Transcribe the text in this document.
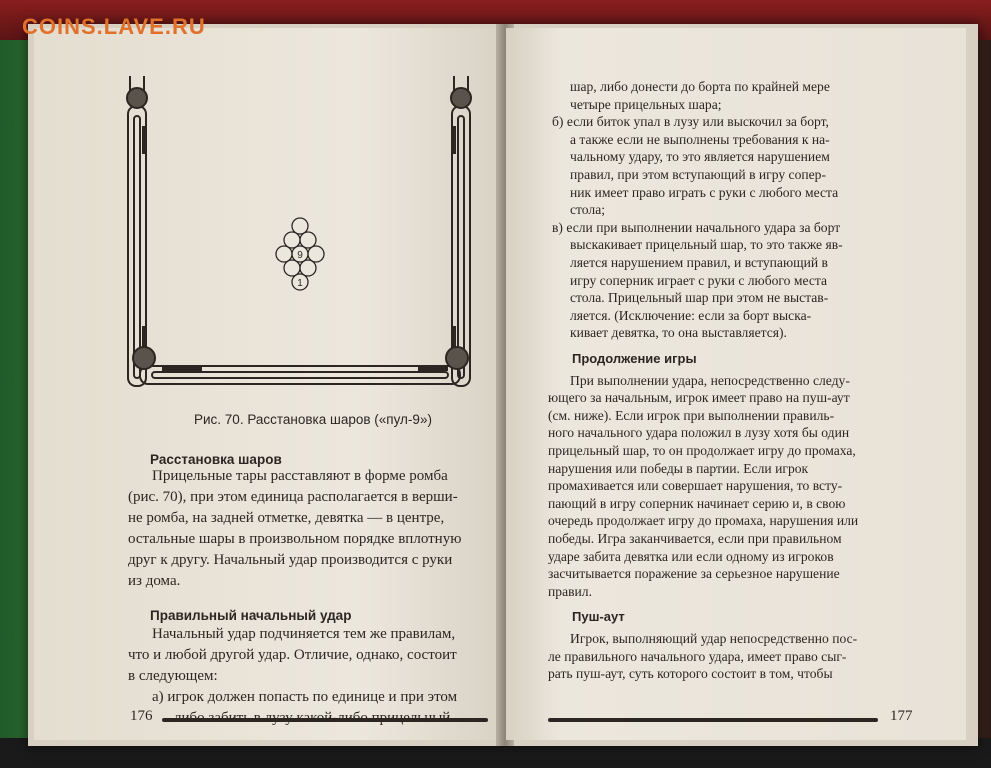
9
1
Рис. 70. Расстановка шаров («пул-9»)
Расстановка шаров
Прицельные тары расставляют в форме ромба
(рис. 70), при этом единица располагается в верши-
не ромба, на задней отметке, девятка — в центре,
остальные шары в произвольном порядке вплотную
друг к другу. Начальный удар производится с руки
из дома.
Правильный начальный удар
Начальный удар подчиняется тем же правилам,
что и любой другой удар. Отличие, однако, состоит
в следующем:
а) игрок должен попасть по единице и при этом
176	177
шар, либо донести до борта по крайней мере
четыре прицельных шара;
б) если биток упал в лузу или выскочил за борт,
а также если не выполнены требования к на-
чальному удару, то это является нарушением
правил, при этом вступающий в игру сопер-
ник имеет право играть с руки с любого места
стола;
в) если при выполнении начального удара за борт
выскакивает прицельный шар, то это также яв-
ляется нарушением правил, и вступающий в
игру соперник играет с руки с любого места
стола. Прицельный шар при этом не выстав-
ляется. (Исключение: если за борт выска-
кивает девятка, то она выставляется).
Продолжение игры
При выполнении удара, непосредственно следу-
ющего за начальным, игрок имеет право на пуш-аут
(см. ниже). Если игрок при выполнении правиль-
ного начального удара положил в лузу хотя бы один
прицельный шар, то он продолжает игру до промаха,
нарушения или победы в партии. Если игрок
промахивается или совершает нарушения, то всту-
пающий в игру соперник начинает серию и, в свою
очередь продолжает игру до промаха, нарушения или
победы. Игра заканчивается, если при правильном
ударе забита девятка или если одному из игроков
засчитывается поражение за серьезное нарушение
правил.
Пуш-аут
Игрок, выполняющий удар непосредственно пос-
ле правильного начального удара, имеет право сыг-
рать пуш-аут, суть которого состоит в том, чтобы
COINS.LAVE.RU
